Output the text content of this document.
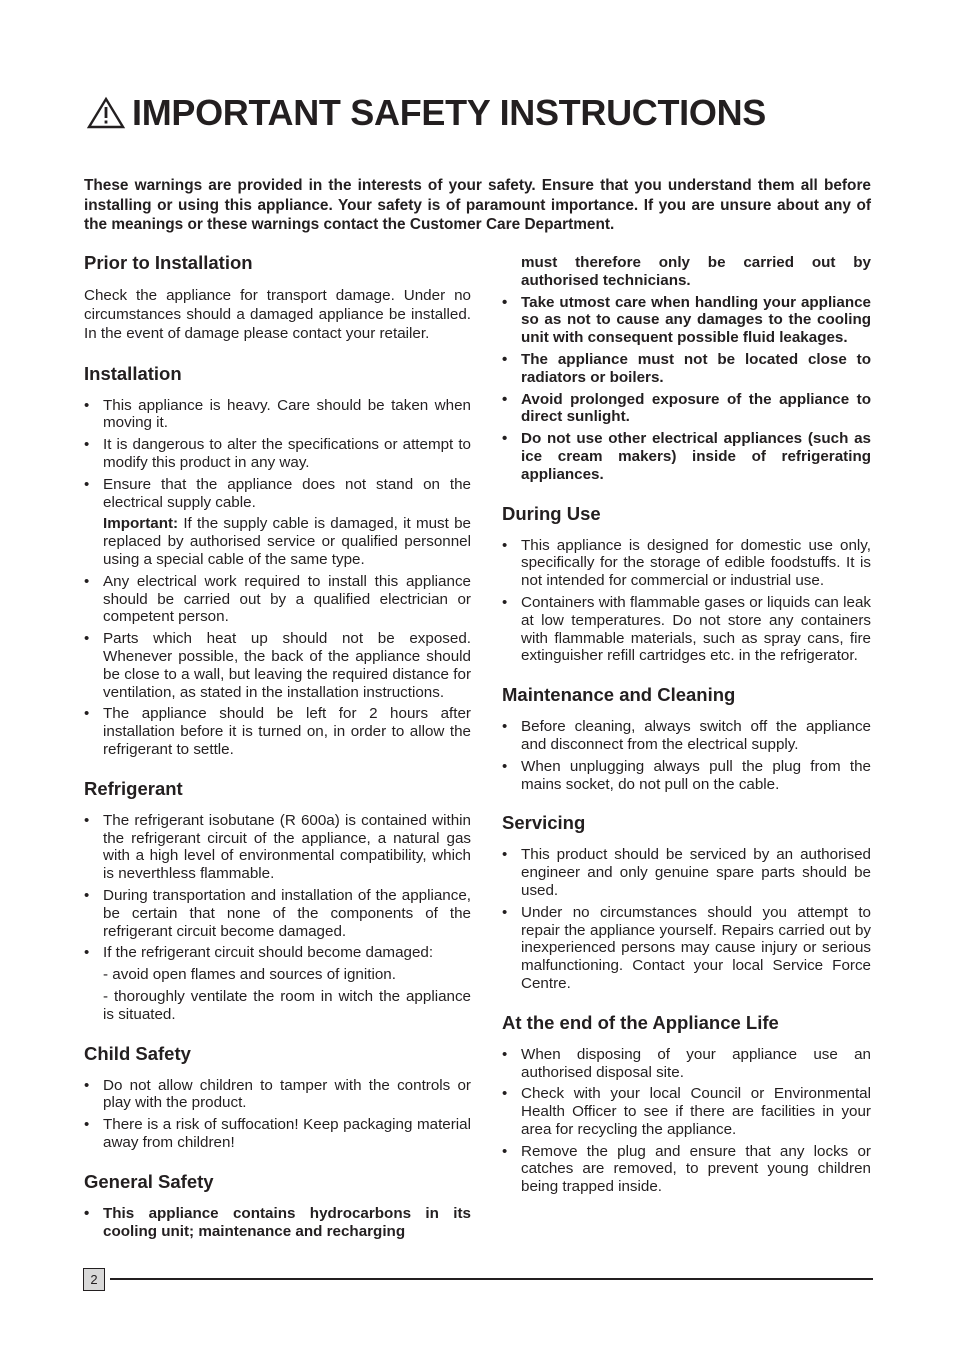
IMPORTANT SAFETY INSTRUCTIONS

These warnings are provided in the interests of your safety. Ensure that you understand them all before installing or using this appliance. Your safety is of paramount importance. If you are unsure about any of the meanings or these warnings contact the Customer Care Department.

Prior to Installation

Check the appliance for transport damage. Under no circumstances should a damaged appliance be installed. In the event of damage please contact your retailer.

Installation
• This appliance is heavy. Care should be taken when moving it.
• It is dangerous to alter the specifications or attempt to modify this product in any way.
• Ensure that the appliance does not stand on the electrical supply cable.
Important: If the supply cable is damaged, it must be replaced by authorised service or qualified personnel using a special cable of the same type.
• Any electrical work required to install this appliance should be carried out by a qualified electrician or competent person.
• Parts which heat up should not be exposed. Whenever possible, the back of the appliance should be close to a wall, but leaving the required distance for ventilation, as stated in the installation instructions.
• The appliance should be left for 2 hours after installation before it is turned on, in order to allow the refrigerant to settle.
Refrigerant
• The refrigerant isobutane (R 600a) is contained within the refrigerant circuit of the appliance, a natural gas with a high level of environmental compatibility, which is neverthless flammable.
• During transportation and installation of the appliance, be certain that none of the components of the refrigerant circuit become damaged.
• If the refrigerant circuit should become damaged:
- avoid open flames and sources of ignition.
- thoroughly ventilate the room in witch the appliance is situated.
Child Safety
• Do not allow children to tamper with the controls or play with the product.
• There is a risk of suffocation! Keep packaging material away from children!
General Safety
• This appliance contains hydrocarbons in its cooling unit; maintenance and recharging
must therefore only be carried out by authorised technicians.
• Take utmost care when handling your appliance so as not to cause any damages to the cooling unit with consequent possible fluid leakages.
• The appliance must not be located close to radiators or boilers.
• Avoid prolonged exposure of the appliance to direct sunlight.
• Do not use other electrical appliances (such as ice cream makers) inside of refrigerating appliances.
During Use
• This appliance is designed for domestic use only, specifically for the storage of edible foodstuffs. It is not intended for commercial or industrial use.
• Containers with flammable gases or liquids can leak at low temperatures. Do not store any containers with flammable materials, such as spray cans, fire extinguisher refill cartridges etc. in the refrigerator.
Maintenance and Cleaning
• Before cleaning, always switch off the appliance and disconnect from the electrical supply.
• When unplugging always pull the plug from the mains socket, do not pull on the cable.
Servicing
• This product should be serviced by an authorised engineer and only genuine spare parts should be used.
• Under no circumstances should you attempt to repair the appliance yourself. Repairs carried out by inexperienced persons may cause injury or serious malfunctioning. Contact your local Service Force Centre.
At the end of the Appliance Life
• When disposing of your appliance use an authorised disposal site.
• Check with your local Council or Environmental Health Officer to see if there are facilities in your area for recycling the appliance.
• Remove the plug and ensure that any locks or catches are removed, to prevent young children being trapped inside.
2
